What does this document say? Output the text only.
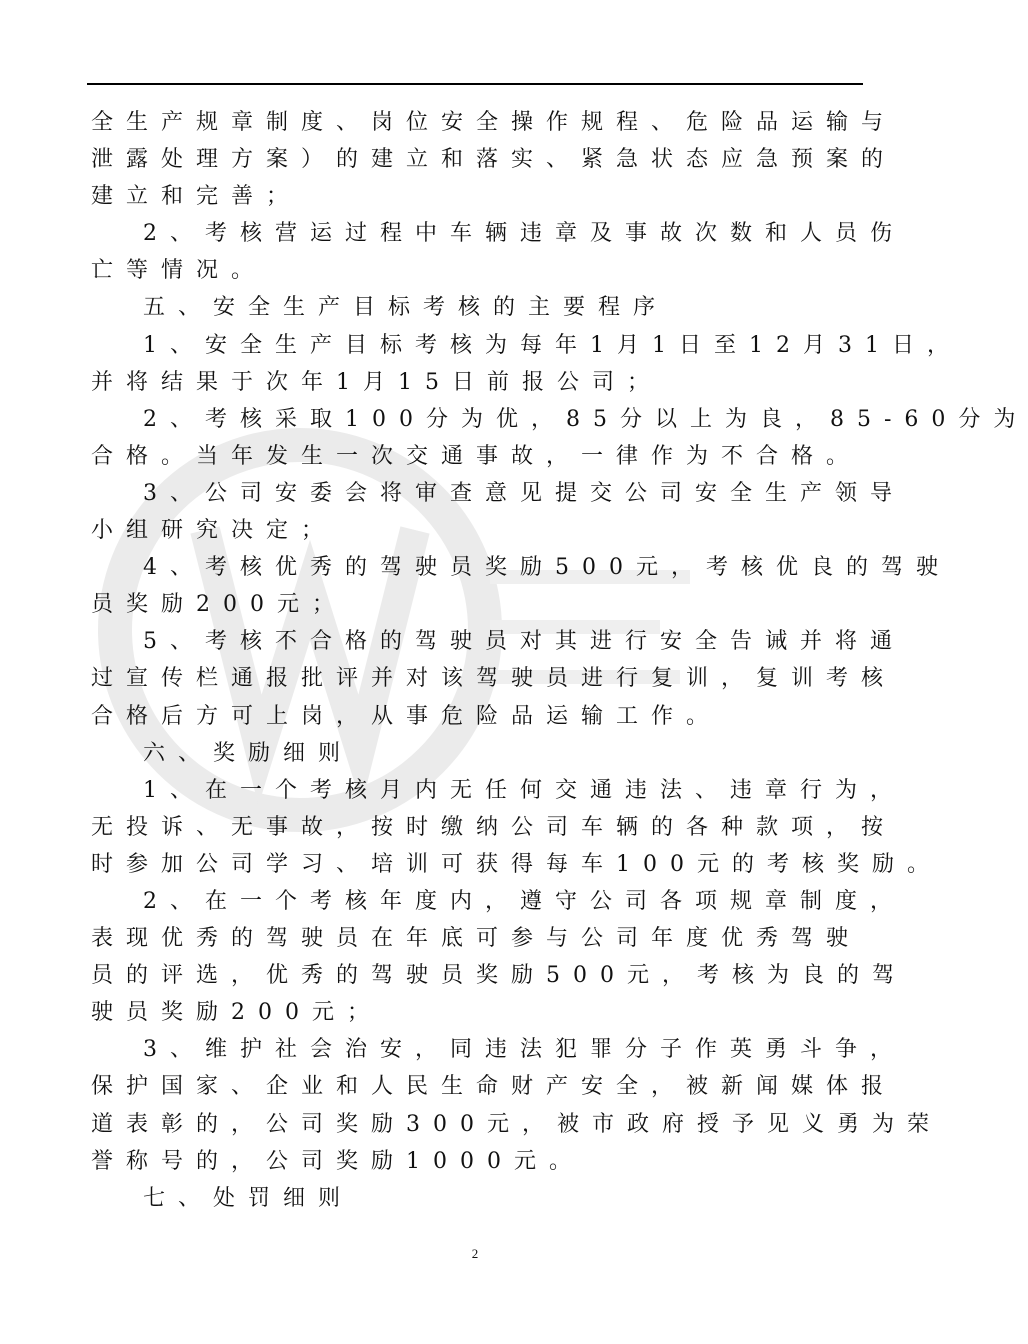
全生产规章制度、岗位安全操作规程、危险品运输与
泄露处理方案）的建立和落实、紧急状态应急预案的
建立和完善；
2、考核营运过程中车辆违章及事故次数和人员伤
亡等情况。
五、安全生产目标考核的主要程序
1、安全生产目标考核为每年1月1日至12月31日，
并将结果于次年1月15日前报公司；
2、考核采取100分为优，85分以上为良，85-60分为
合格。当年发生一次交通事故，一律作为不合格。
3、公司安委会将审查意见提交公司安全生产领导
小组研究决定；
4、考核优秀的驾驶员奖励500元，考核优良的驾驶
员奖励200元；
5、考核不合格的驾驶员对其进行安全告诫并将通
过宣传栏通报批评并对该驾驶员进行复训，复训考核
合格后方可上岗，从事危险品运输工作。
六、奖励细则
1、在一个考核月内无任何交通违法、违章行为，
无投诉、无事故，按时缴纳公司车辆的各种款项，按
时参加公司学习、培训可获得每车100元的考核奖励。
2、在一个考核年度内，遵守公司各项规章制度，
表现优秀的驾驶员在年底可参与公司年度优秀驾驶
员的评选，优秀的驾驶员奖励500元，考核为良的驾
驶员奖励200元；
3、维护社会治安，同违法犯罪分子作英勇斗争，
保护国家、企业和人民生命财产安全，被新闻媒体报
道表彰的，公司奖励300元，被市政府授予见义勇为荣
誉称号的，公司奖励1000元。
七、处罚细则
2
